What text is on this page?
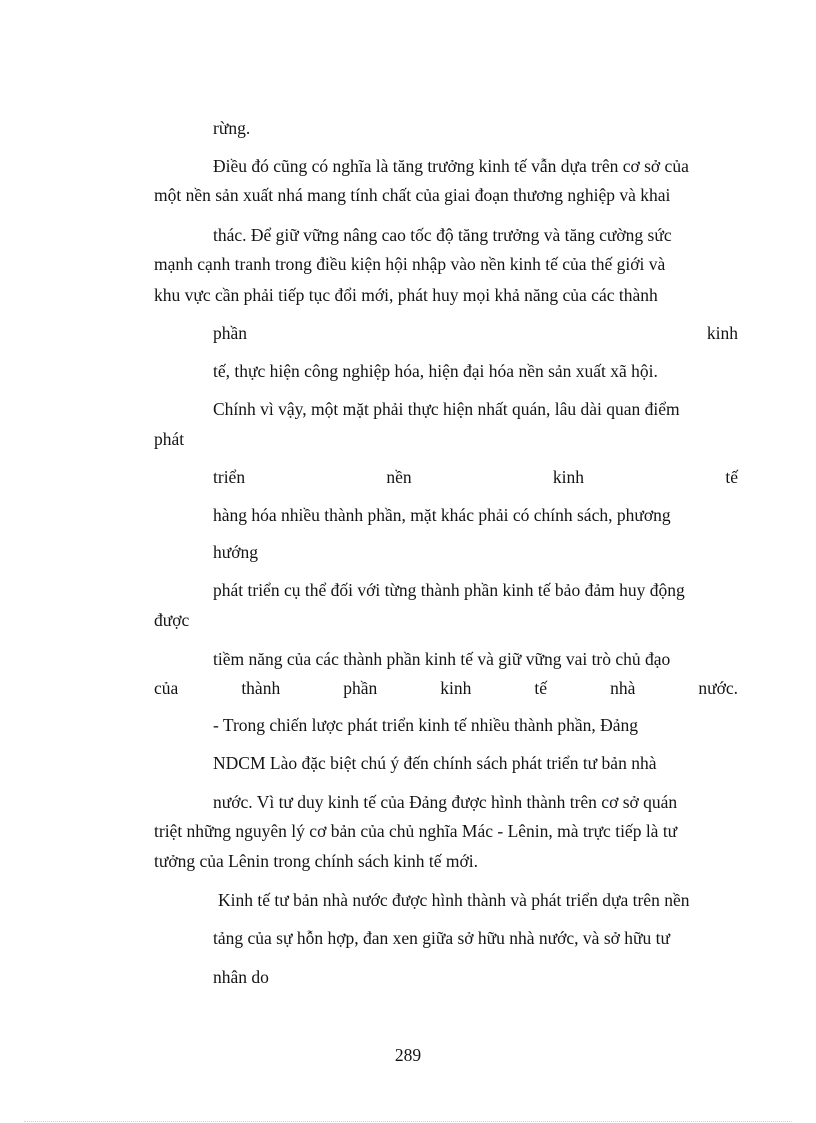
rừng.
Điều đó cũng có nghĩa là tăng trưởng kinh tế vẫn dựa trên cơ sở của
một nền sản xuất nhá mang tính chất của giai đoạn thương nghiệp và khai
thác. Để giữ vững nâng cao tốc độ tăng trưởng và tăng cường sức
mạnh cạnh tranh trong điều kiện hội nhập vào nền kinh tế của thế giới và
khu vực cần phải tiếp tục đổi mới, phát huy mọi khả năng của các thành
phần	kinh
tế, thực hiện công nghiệp hóa, hiện đại hóa nền sản xuất xã hội.
Chính vì vậy, một mặt phải thực hiện nhất quán, lâu dài quan điểm
phát
triển	nền	kinh	tế
hàng hóa nhiều thành phần, mặt khác phải có chính sách, phương
hướng
phát triển cụ thể đối với từng thành phần kinh tế bảo đảm huy động
được
tiềm năng của các thành phần kinh tế và giữ vững vai trò chủ đạo
của	thành	phần	kinh	tế	nhà	nước.
- Trong chiến lược phát triển kinh tế nhiều thành phần, Đảng
NDCM Lào đặc biệt chú ý đến chính sách phát triển tư bản nhà
nước. Vì tư duy kinh tế của Đảng được hình thành trên cơ sở quán
triệt những nguyên lý cơ bản của chủ nghĩa Mác - Lênin, mà trực tiếp là tư
tưởng của Lênin trong chính sách kinh tế mới.
Kinh tế tư bản nhà nước được hình thành và phát triển dựa trên nền
tảng của sự hỗn hợp, đan xen giữa sở hữu nhà nước, và sở hữu tư
nhân do
289
